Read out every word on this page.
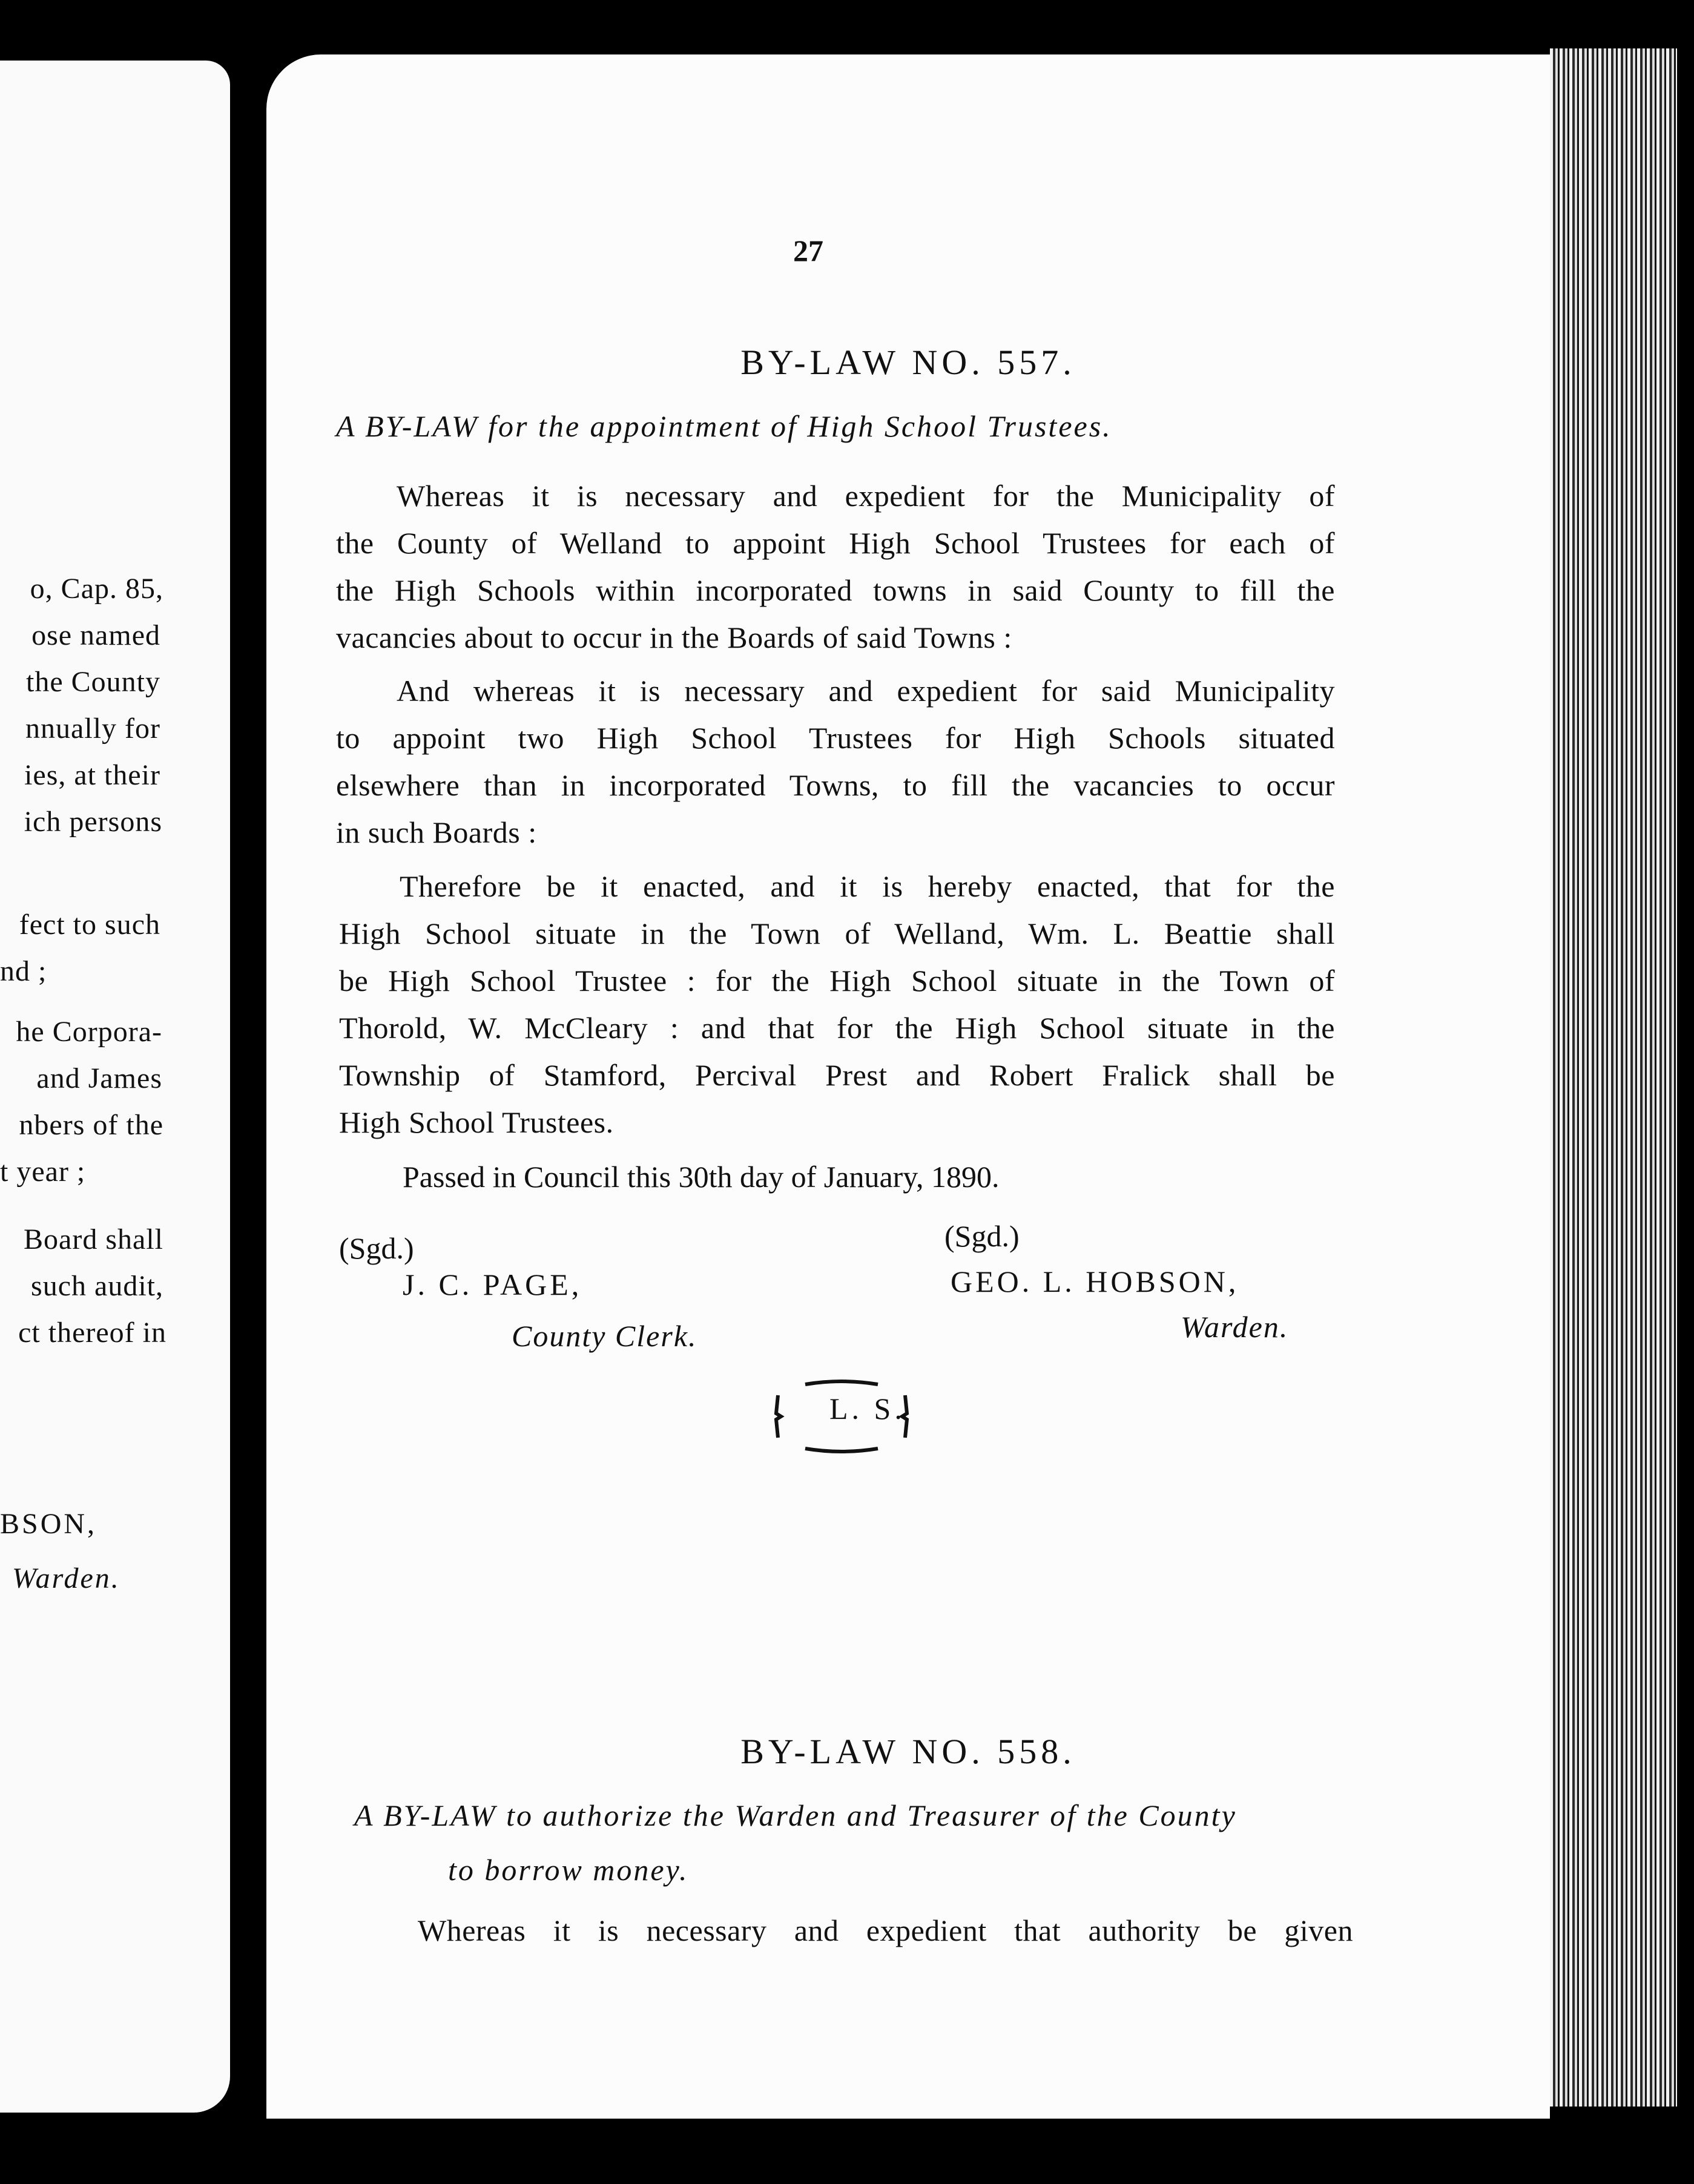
o, Cap. 85,
ose named
the County
nnually for
ies, at their
ich persons
fect to such
nd ;
he Corpora-
and James
nbers of the
t year ;
Board shall
such audit,
ct thereof in
BSON,
Warden.
27
BY-LAW NO. 557.
A BY-LAW for the appointment of High School Trustees.
Whereas it is necessary and expedient for the Municipality of
the County of Welland to appoint High School Trustees for each of
the High Schools within incorporated towns in said County to fill the
vacancies about to occur in the Boards of said Towns :
And whereas it is necessary and expedient for said Municipality
to appoint two High School Trustees for High Schools situated
elsewhere than in incorporated Towns, to fill the vacancies to occur
in such Boards :
Therefore be it enacted, and it is hereby enacted, that for the
High School situate in the Town of Welland, Wm. L. Beattie shall
be High School Trustee : for the High School situate in the Town of
Thorold, W. McCleary : and that for the High School situate in the
Township of Stamford, Percival Prest and Robert Fralick shall be
High School Trustees.
Passed in Council this 30th day of January, 1890.
(Sgd.)
J. C. PAGE,
County Clerk.
(Sgd.)
GEO. L. HOBSON,
Warden.
L. S.
BY-LAW NO. 558.
A BY-LAW to authorize the Warden and Treasurer of the County
to borrow money.
Whereas it is necessary and expedient that authority be given
